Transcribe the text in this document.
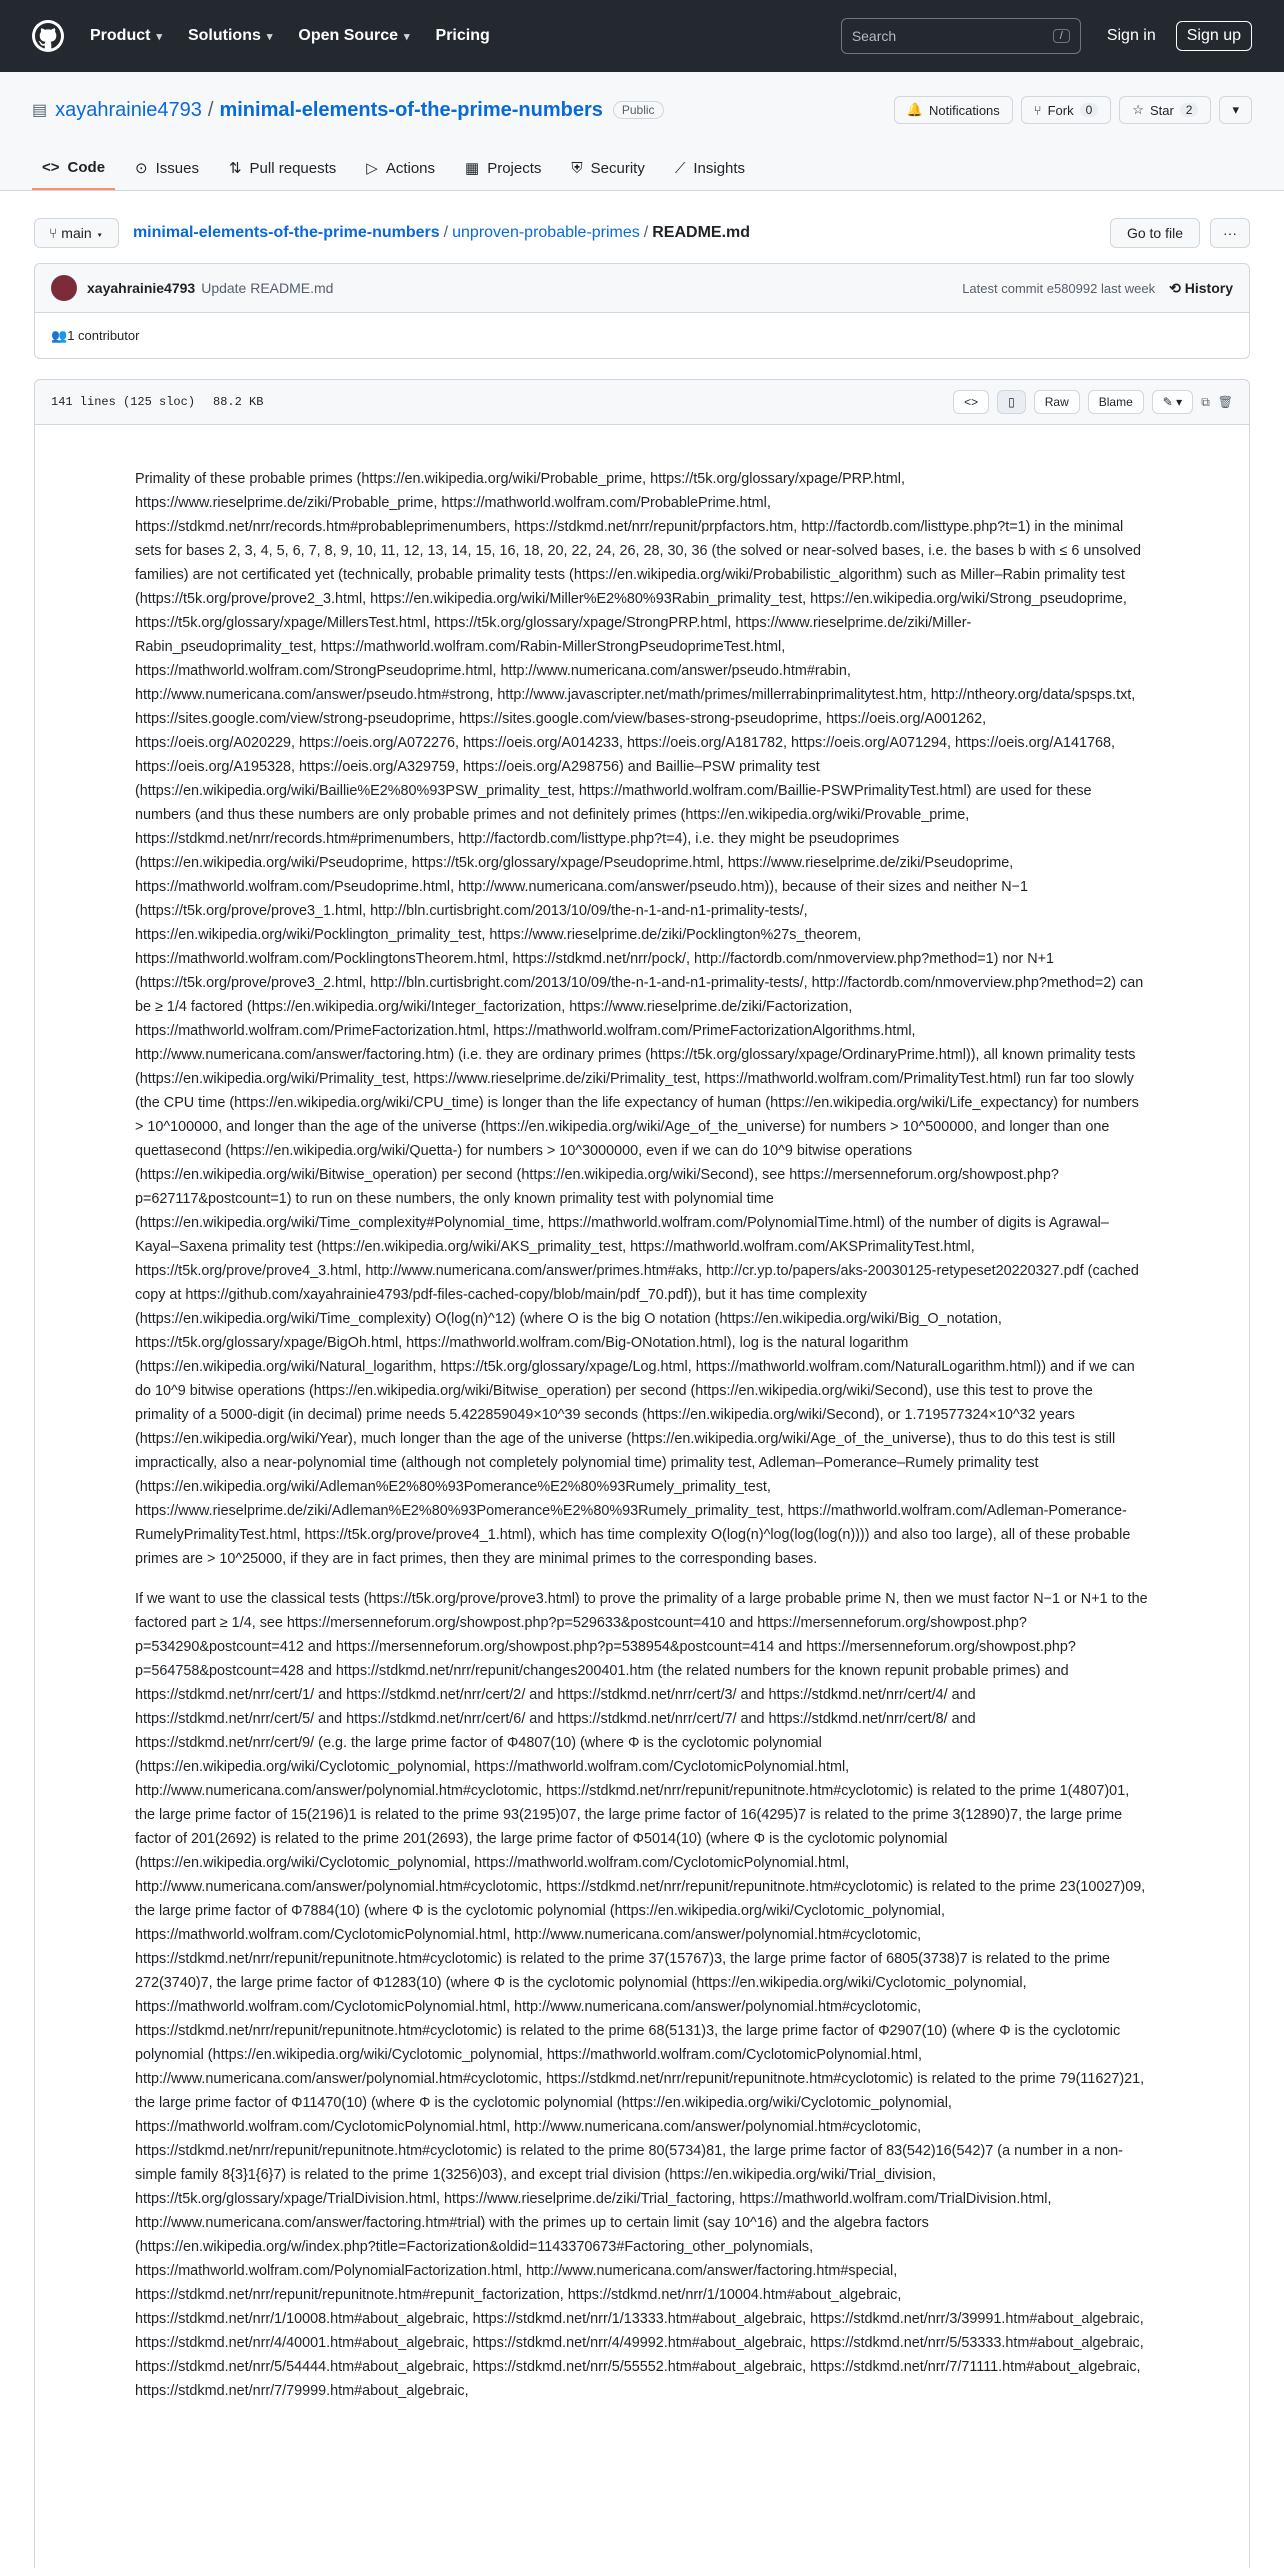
Product ▾ Solutions ▾ Open Source ▾ Pricing	Search	/	Sign in	Sign up
▤ xayahrainie4793 / minimal-elements-of-the-prime-numbers	Public	🔔 Notifications	⑂ Fork	0	☆ Star	2	▾
<> Code ⊙ Issues ⇅ Pull requests ▷ Actions ▦ Projects ⛨ Security ⟋ Insights
⑂ main ▾	minimal-elements-of-the-prime-numbers / unproven-probable-primes / README.md	Go to file	···
xayahrainie4793 Update README.md	Latest commit e580992 last week ⟲ History
👥 1 contributor
141 lines (125 sloc) 88.2 KB	<>	▯	Raw	Blame	✎ ▾	⧉ 🗑

Primality of these probable primes (https://en.wikipedia.org/wiki/Probable_prime, https://t5k.org/glossary/xpage/PRP.html, https://www.rieselprime.de/ziki/Probable_prime, https://mathworld.wolfram.com/ProbablePrime.html, https://stdkmd.net/nrr/records.htm#probableprimenumbers, https://stdkmd.net/nrr/repunit/prpfactors.htm, http://factordb.com/listtype.php?t=1) in the minimal sets for bases 2, 3, 4, 5, 6, 7, 8, 9, 10, 11, 12, 13, 14, 15, 16, 18, 20, 22, 24, 26, 28, 30, 36 (the solved or near-solved bases, i.e. the bases b with ≤ 6 unsolved families) are not certificated yet (technically, probable primality tests (https://en.wikipedia.org/wiki/Probabilistic_algorithm) such as Miller–Rabin primality test (https://t5k.org/prove/prove2_3.html, https://en.wikipedia.org/wiki/Miller%E2%80%93Rabin_primality_test, https://en.wikipedia.org/wiki/Strong_pseudoprime, https://t5k.org/glossary/xpage/MillersTest.html, https://t5k.org/glossary/xpage/StrongPRP.html, https://www.rieselprime.de/ziki/Miller-Rabin_pseudoprimality_test, https://mathworld.wolfram.com/Rabin-MillerStrongPseudoprimeTest.html, https://mathworld.wolfram.com/StrongPseudoprime.html, http://www.numericana.com/answer/pseudo.htm#rabin, http://www.numericana.com/answer/pseudo.htm#strong, http://www.javascripter.net/math/primes/millerrabinprimalitytest.htm, http://ntheory.org/data/spsps.txt, https://sites.google.com/view/strong-pseudoprime, https://sites.google.com/view/bases-strong-pseudoprime, https://oeis.org/A001262, https://oeis.org/A020229, https://oeis.org/A072276, https://oeis.org/A014233, https://oeis.org/A181782, https://oeis.org/A071294, https://oeis.org/A141768, https://oeis.org/A195328, https://oeis.org/A329759, https://oeis.org/A298756) and Baillie–PSW primality test (https://en.wikipedia.org/wiki/Baillie%E2%80%93PSW_primality_test, https://mathworld.wolfram.com/Baillie-PSWPrimalityTest.html) are used for these numbers (and thus these numbers are only probable primes and not definitely primes (https://en.wikipedia.org/wiki/Provable_prime, https://stdkmd.net/nrr/records.htm#primenumbers, http://factordb.com/listtype.php?t=4), i.e. they might be pseudoprimes (https://en.wikipedia.org/wiki/Pseudoprime, https://t5k.org/glossary/xpage/Pseudoprime.html, https://www.rieselprime.de/ziki/Pseudoprime, https://mathworld.wolfram.com/Pseudoprime.html, http://www.numericana.com/answer/pseudo.htm)), because of their sizes and neither N−1 (https://t5k.org/prove/prove3_1.html, http://bln.curtisbright.com/2013/10/09/the-n-1-and-n1-primality-tests/, https://en.wikipedia.org/wiki/Pocklington_primality_test, https://www.rieselprime.de/ziki/Pocklington%27s_theorem, https://mathworld.wolfram.com/PocklingtonsTheorem.html, https://stdkmd.net/nrr/pock/, http://factordb.com/nmoverview.php?method=1) nor N+1 (https://t5k.org/prove/prove3_2.html, http://bln.curtisbright.com/2013/10/09/the-n-1-and-n1-primality-tests/, http://factordb.com/nmoverview.php?method=2) can be ≥ 1/4 factored (https://en.wikipedia.org/wiki/Integer_factorization, https://www.rieselprime.de/ziki/Factorization, https://mathworld.wolfram.com/PrimeFactorization.html, https://mathworld.wolfram.com/PrimeFactorizationAlgorithms.html, http://www.numericana.com/answer/factoring.htm) (i.e. they are ordinary primes (https://t5k.org/glossary/xpage/OrdinaryPrime.html)), all known primality tests (https://en.wikipedia.org/wiki/Primality_test, https://www.rieselprime.de/ziki/Primality_test, https://mathworld.wolfram.com/PrimalityTest.html) run far too slowly (the CPU time (https://en.wikipedia.org/wiki/CPU_time) is longer than the life expectancy of human (https://en.wikipedia.org/wiki/Life_expectancy) for numbers > 10^100000, and longer than the age of the universe (https://en.wikipedia.org/wiki/Age_of_the_universe) for numbers > 10^500000, and longer than one quettasecond (https://en.wikipedia.org/wiki/Quetta-) for numbers > 10^3000000, even if we can do 10^9 bitwise operations (https://en.wikipedia.org/wiki/Bitwise_operation) per second (https://en.wikipedia.org/wiki/Second), see https://mersenneforum.org/showpost.php?p=627117&postcount=1) to run on these numbers, the only known primality test with polynomial time (https://en.wikipedia.org/wiki/Time_complexity#Polynomial_time, https://mathworld.wolfram.com/PolynomialTime.html) of the number of digits is Agrawal–Kayal–Saxena primality test (https://en.wikipedia.org/wiki/AKS_primality_test, https://mathworld.wolfram.com/AKSPrimalityTest.html, https://t5k.org/prove/prove4_3.html, http://www.numericana.com/answer/primes.htm#aks, http://cr.yp.to/papers/aks-20030125-retypeset20220327.pdf (cached copy at https://github.com/xayahrainie4793/pdf-files-cached-copy/blob/main/pdf_70.pdf)), but it has time complexity (https://en.wikipedia.org/wiki/Time_complexity) O(log(n)^12) (where O is the big O notation (https://en.wikipedia.org/wiki/Big_O_notation, https://t5k.org/glossary/xpage/BigOh.html, https://mathworld.wolfram.com/Big-ONotation.html), log is the natural logarithm (https://en.wikipedia.org/wiki/Natural_logarithm, https://t5k.org/glossary/xpage/Log.html, https://mathworld.wolfram.com/NaturalLogarithm.html)) and if we can do 10^9 bitwise operations (https://en.wikipedia.org/wiki/Bitwise_operation) per second (https://en.wikipedia.org/wiki/Second), use this test to prove the primality of a 5000-digit (in decimal) prime needs 5.422859049×10^39 seconds (https://en.wikipedia.org/wiki/Second), or 1.719577324×10^32 years (https://en.wikipedia.org/wiki/Year), much longer than the age of the universe (https://en.wikipedia.org/wiki/Age_of_the_universe), thus to do this test is still impractically, also a near-polynomial time (although not completely polynomial time) primality test, Adleman–Pomerance–Rumely primality test (https://en.wikipedia.org/wiki/Adleman%E2%80%93Pomerance%E2%80%93Rumely_primality_test, https://www.rieselprime.de/ziki/Adleman%E2%80%93Pomerance%E2%80%93Rumely_primality_test, https://mathworld.wolfram.com/Adleman-Pomerance-RumelyPrimalityTest.html, https://t5k.org/prove/prove4_1.html), which has time complexity O(log(n)^log(log(log(n)))) and also too large), all of these probable primes are > 10^25000, if they are in fact primes, then they are minimal primes to the corresponding bases.

If we want to use the classical tests (https://t5k.org/prove/prove3.html) to prove the primality of a large probable prime N, then we must factor N−1 or N+1 to the factored part ≥ 1/4, see https://mersenneforum.org/showpost.php?p=529633&postcount=410 and https://mersenneforum.org/showpost.php?p=534290&postcount=412 and https://mersenneforum.org/showpost.php?p=538954&postcount=414 and https://mersenneforum.org/showpost.php?p=564758&postcount=428 and https://stdkmd.net/nrr/repunit/changes200401.htm (the related numbers for the known repunit probable primes) and https://stdkmd.net/nrr/cert/1/ and https://stdkmd.net/nrr/cert/2/ and https://stdkmd.net/nrr/cert/3/ and https://stdkmd.net/nrr/cert/4/ and https://stdkmd.net/nrr/cert/5/ and https://stdkmd.net/nrr/cert/6/ and https://stdkmd.net/nrr/cert/7/ and https://stdkmd.net/nrr/cert/8/ and https://stdkmd.net/nrr/cert/9/ (e.g. the large prime factor of Φ4807(10) (where Φ is the cyclotomic polynomial (https://en.wikipedia.org/wiki/Cyclotomic_polynomial, https://mathworld.wolfram.com/CyclotomicPolynomial.html, http://www.numericana.com/answer/polynomial.htm#cyclotomic, https://stdkmd.net/nrr/repunit/repunitnote.htm#cyclotomic) is related to the prime 1(4807)01, the large prime factor of 15(2196)1 is related to the prime 93(2195)07, the large prime factor of 16(4295)7 is related to the prime 3(12890)7, the large prime factor of 201(2692) is related to the prime 201(2693), the large prime factor of Φ5014(10) (where Φ is the cyclotomic polynomial (https://en.wikipedia.org/wiki/Cyclotomic_polynomial, https://mathworld.wolfram.com/CyclotomicPolynomial.html, http://www.numericana.com/answer/polynomial.htm#cyclotomic, https://stdkmd.net/nrr/repunit/repunitnote.htm#cyclotomic) is related to the prime 23(10027)09, the large prime factor of Φ7884(10) (where Φ is the cyclotomic polynomial (https://en.wikipedia.org/wiki/Cyclotomic_polynomial, https://mathworld.wolfram.com/CyclotomicPolynomial.html, http://www.numericana.com/answer/polynomial.htm#cyclotomic, https://stdkmd.net/nrr/repunit/repunitnote.htm#cyclotomic) is related to the prime 37(15767)3, the large prime factor of 6805(3738)7 is related to the prime 272(3740)7, the large prime factor of Φ1283(10) (where Φ is the cyclotomic polynomial (https://en.wikipedia.org/wiki/Cyclotomic_polynomial, https://mathworld.wolfram.com/CyclotomicPolynomial.html, http://www.numericana.com/answer/polynomial.htm#cyclotomic, https://stdkmd.net/nrr/repunit/repunitnote.htm#cyclotomic) is related to the prime 68(5131)3, the large prime factor of Φ2907(10) (where Φ is the cyclotomic polynomial (https://en.wikipedia.org/wiki/Cyclotomic_polynomial, https://mathworld.wolfram.com/CyclotomicPolynomial.html, http://www.numericana.com/answer/polynomial.htm#cyclotomic, https://stdkmd.net/nrr/repunit/repunitnote.htm#cyclotomic) is related to the prime 79(11627)21, the large prime factor of Φ11470(10) (where Φ is the cyclotomic polynomial (https://en.wikipedia.org/wiki/Cyclotomic_polynomial, https://mathworld.wolfram.com/CyclotomicPolynomial.html, http://www.numericana.com/answer/polynomial.htm#cyclotomic, https://stdkmd.net/nrr/repunit/repunitnote.htm#cyclotomic) is related to the prime 80(5734)81, the large prime factor of 83(542)16(542)7 (a number in a non-simple family 8{3}1{6}7) is related to the prime 1(3256)03), and except trial division (https://en.wikipedia.org/wiki/Trial_division, https://t5k.org/glossary/xpage/TrialDivision.html, https://www.rieselprime.de/ziki/Trial_factoring, https://mathworld.wolfram.com/TrialDivision.html, http://www.numericana.com/answer/factoring.htm#trial) with the primes up to certain limit (say 10^16) and the algebra factors (https://en.wikipedia.org/w/index.php?title=Factorization&oldid=1143370673#Factoring_other_polynomials, https://mathworld.wolfram.com/PolynomialFactorization.html, http://www.numericana.com/answer/factoring.htm#special, https://stdkmd.net/nrr/repunit/repunitnote.htm#repunit_factorization, https://stdkmd.net/nrr/1/10004.htm#about_algebraic, https://stdkmd.net/nrr/1/10008.htm#about_algebraic, https://stdkmd.net/nrr/1/13333.htm#about_algebraic, https://stdkmd.net/nrr/3/39991.htm#about_algebraic, https://stdkmd.net/nrr/4/40001.htm#about_algebraic, https://stdkmd.net/nrr/4/49992.htm#about_algebraic, https://stdkmd.net/nrr/5/53333.htm#about_algebraic, https://stdkmd.net/nrr/5/54444.htm#about_algebraic, https://stdkmd.net/nrr/5/55552.htm#about_algebraic, https://stdkmd.net/nrr/7/71111.htm#about_algebraic, https://stdkmd.net/nrr/7/79999.htm#about_algebraic,
